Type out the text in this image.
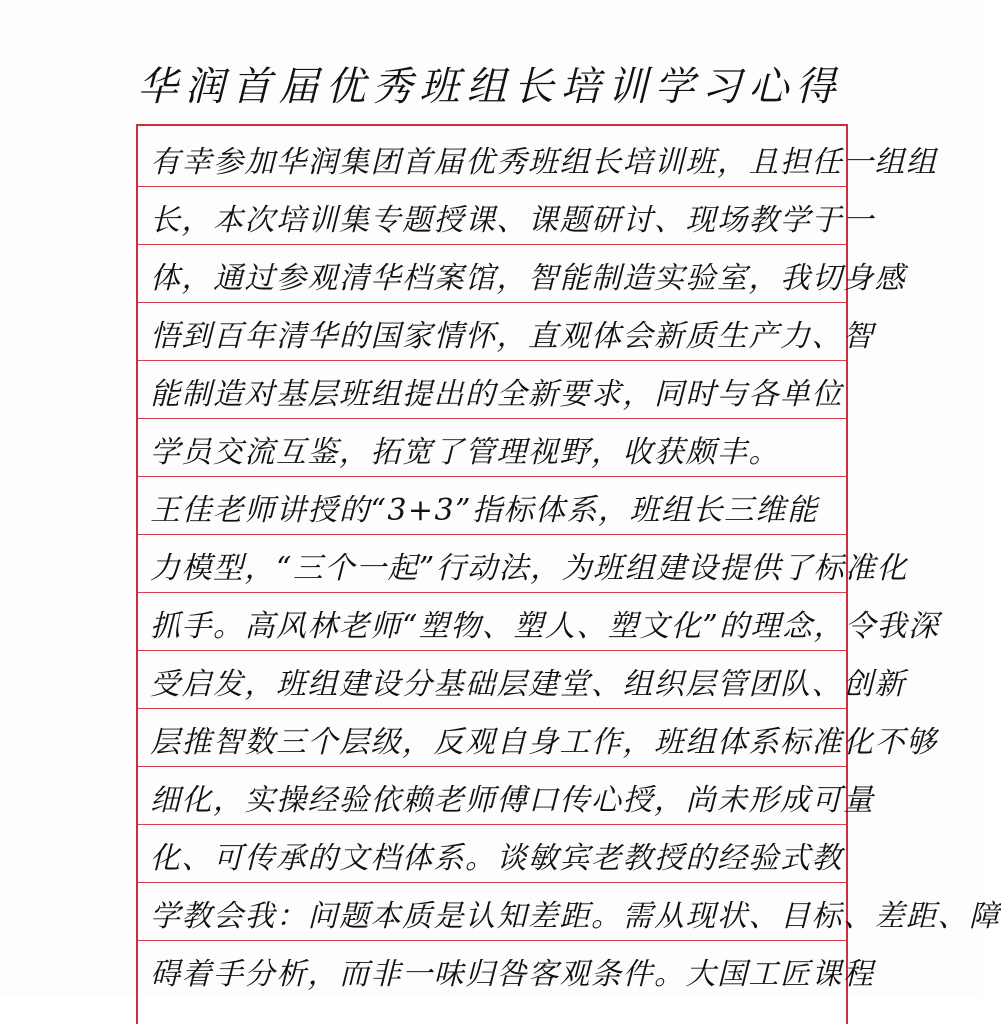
华润首届优秀班组长培训学习心得
有幸参加华润集团首届优秀班组长培训班，且担任一组组
长，本次培训集专题授课、课题研讨、现场教学于一
体，通过参观清华档案馆，智能制造实验室，我切身感
悟到百年清华的国家情怀，直观体会新质生产力、智
能制造对基层班组提出的全新要求，同时与各单位
学员交流互鉴，拓宽了管理视野，收获颇丰。
王佳老师讲授的“3+3”指标体系，班组长三维能
力模型，“三个一起”行动法，为班组建设提供了标准化
抓手。高风林老师“塑物、塑人、塑文化”的理念，令我深
受启发，班组建设分基础层建堂、组织层管团队、创新
层推智数三个层级，反观自身工作，班组体系标准化不够
细化，实操经验依赖老师傅口传心授，尚未形成可量
化、可传承的文档体系。谈敏宾老教授的经验式教
学教会我：问题本质是认知差距。需从现状、目标、差距、障
碍着手分析，而非一味归咎客观条件。大国工匠课程
